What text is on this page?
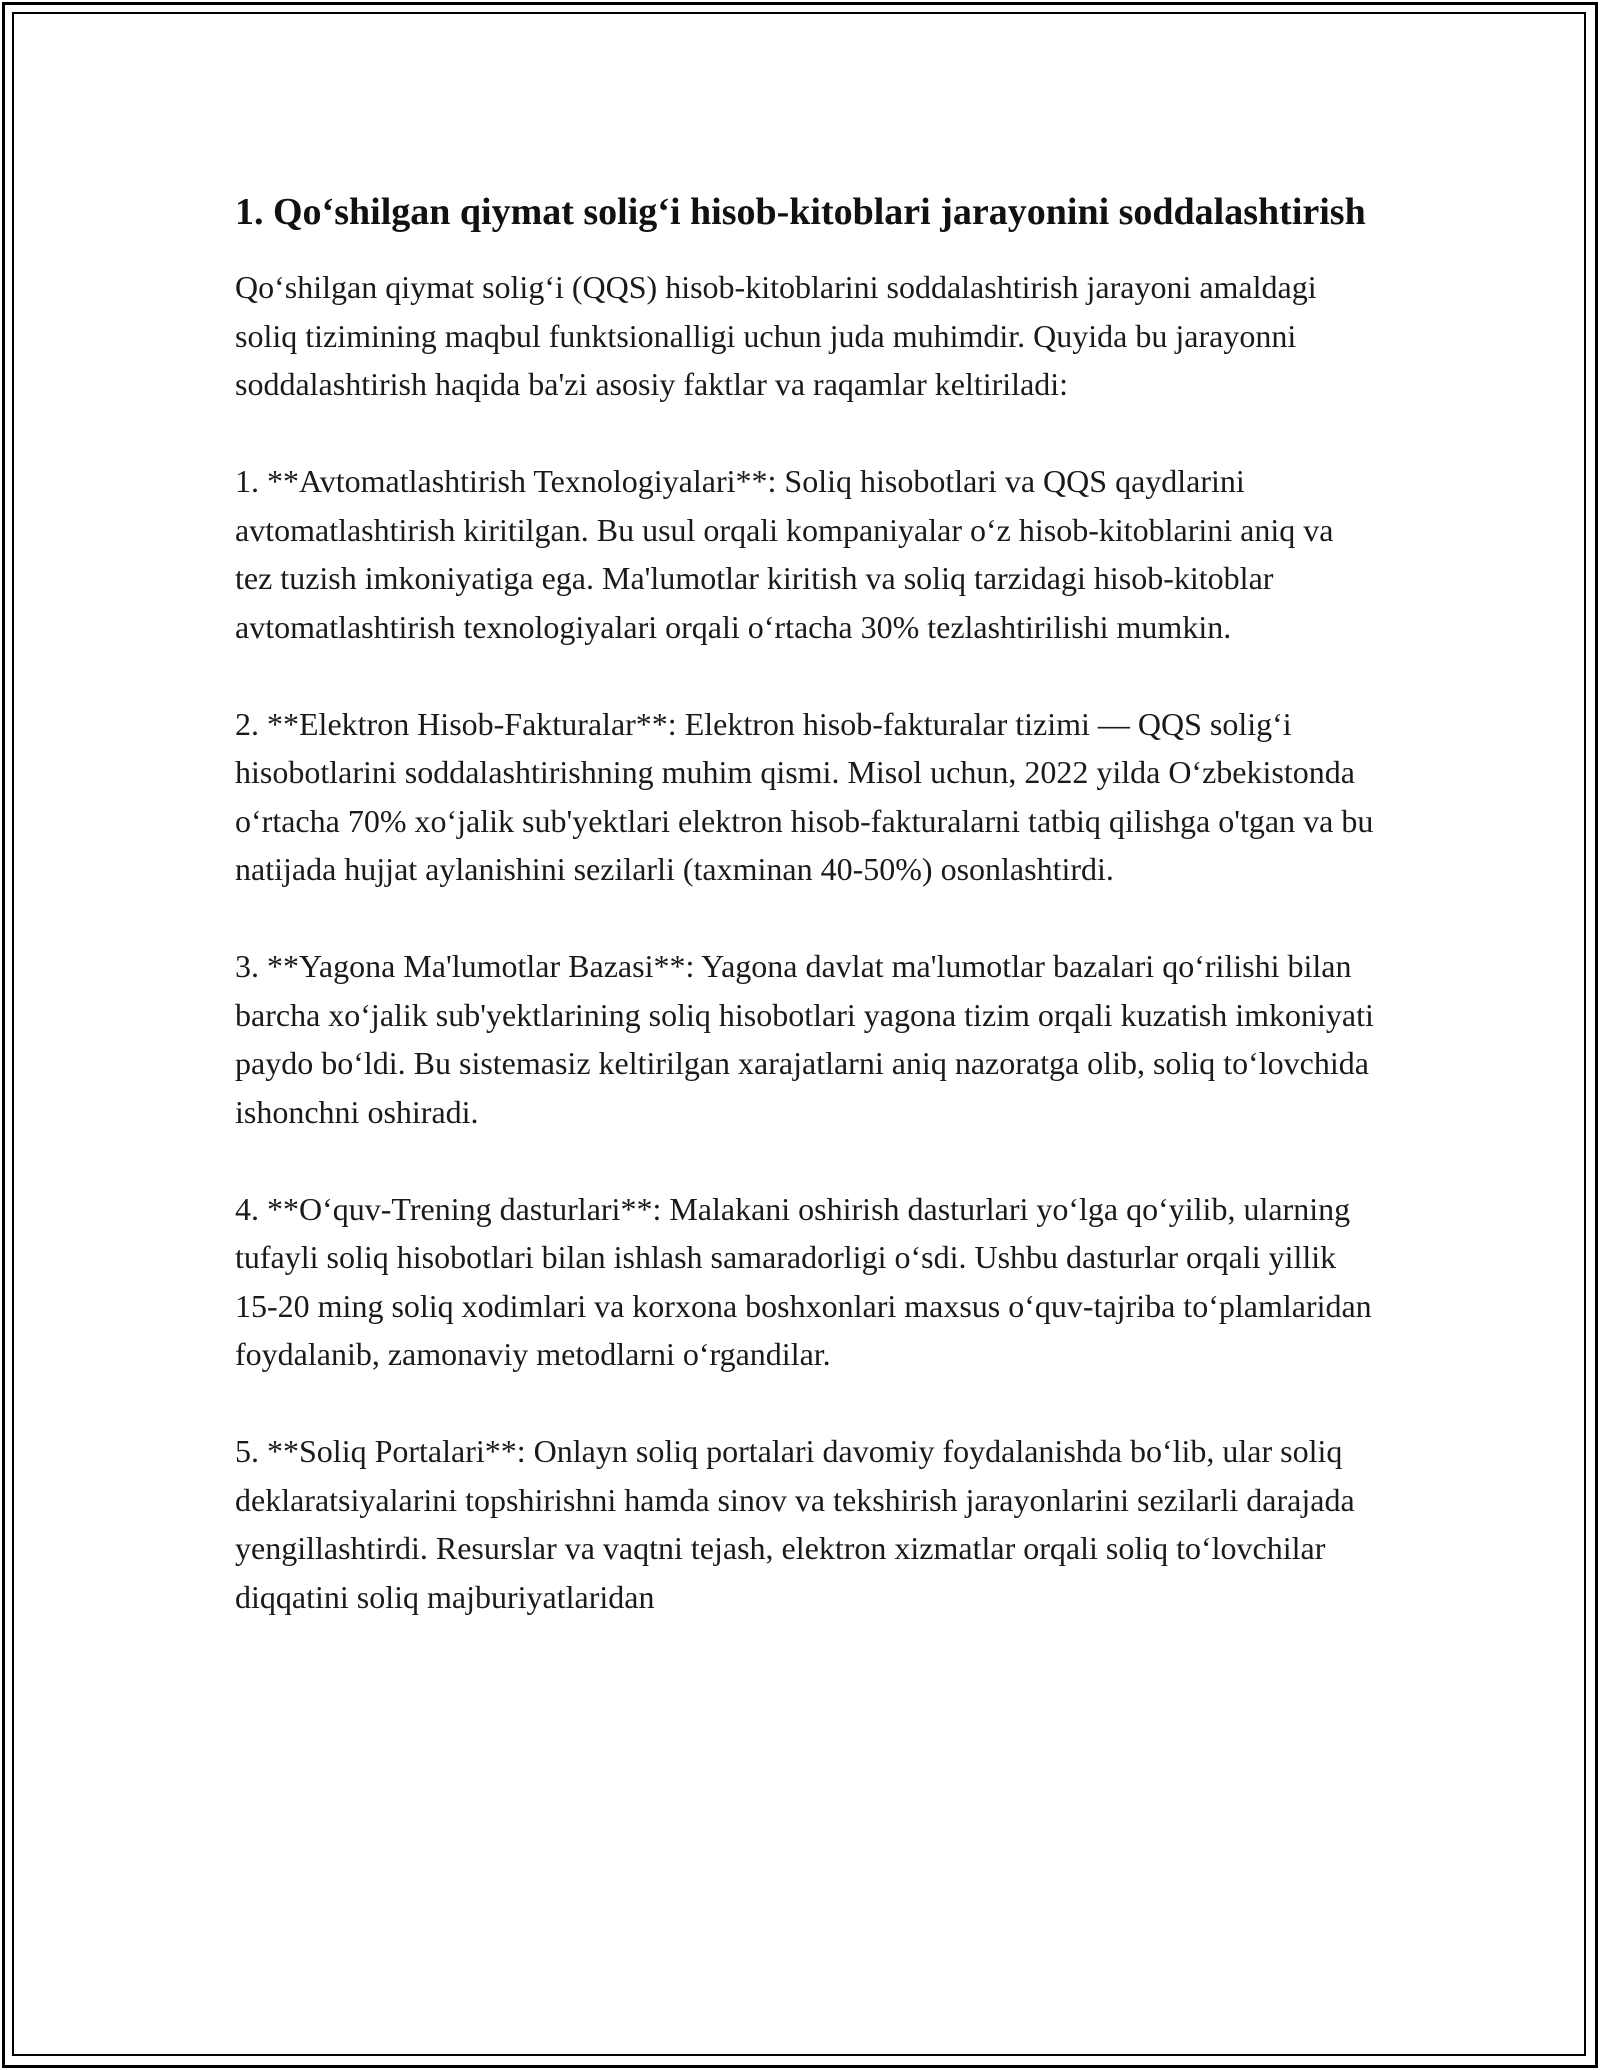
1. Qo‘shilgan qiymat solig‘i hisob-kitoblari jarayonini soddalashtirish

Qo‘shilgan qiymat solig‘i (QQS) hisob-kitoblarini soddalashtirish jarayoni amaldagi soliq tizimining maqbul funktsionalligi uchun juda muhimdir. Quyida bu jarayonni soddalashtirish haqida ba'zi asosiy faktlar va raqamlar keltiriladi:

1. **Avtomatlashtirish Texnologiyalari**: Soliq hisobotlari va QQS qaydlarini avtomatlashtirish kiritilgan. Bu usul orqali kompaniyalar o‘z hisob-kitoblarini aniq va tez tuzish imkoniyatiga ega. Ma'lumotlar kiritish va soliq tarzidagi hisob-kitoblar avtomatlashtirish texnologiyalari orqali o‘rtacha 30% tezlashtirilishi mumkin.

2. **Elektron Hisob-Fakturalar**: Elektron hisob-fakturalar tizimi — QQS solig‘i hisobotlarini soddalashtirishning muhim qismi. Misol uchun, 2022 yilda O‘zbekistonda o‘rtacha 70% xo‘jalik sub'yektlari elektron hisob-fakturalarni tatbiq qilishga o'tgan va bu natijada hujjat aylanishini sezilarli (taxminan 40-50%) osonlashtirdi.

3. **Yagona Ma'lumotlar Bazasi**: Yagona davlat ma'lumotlar bazalari qo‘rilishi bilan barcha xo‘jalik sub'yektlarining soliq hisobotlari yagona tizim orqali kuzatish imkoniyati paydo bo‘ldi. Bu sistemasiz keltirilgan xarajatlarni aniq nazoratga olib, soliq to‘lovchida ishonchni oshiradi.

4. **O‘quv-Trening dasturlari**: Malakani oshirish dasturlari yo‘lga qo‘yilib, ularning tufayli soliq hisobotlari bilan ishlash samaradorligi o‘sdi. Ushbu dasturlar orqali yillik 15-20 ming soliq xodimlari va korxona boshxonlari maxsus o‘quv-tajriba to‘plamlaridan foydalanib, zamonaviy metodlarni o‘rgandilar.

5. **Soliq Portalari**: Onlayn soliq portalari davomiy foydalanishda bo‘lib, ular soliq deklaratsiyalarini topshirishni hamda sinov va tekshirish jarayonlarini sezilarli darajada yengillashtirdi. Resurslar va vaqtni tejash, elektron xizmatlar orqali soliq to‘lovchilar diqqatini soliq majburiyatlaridan
